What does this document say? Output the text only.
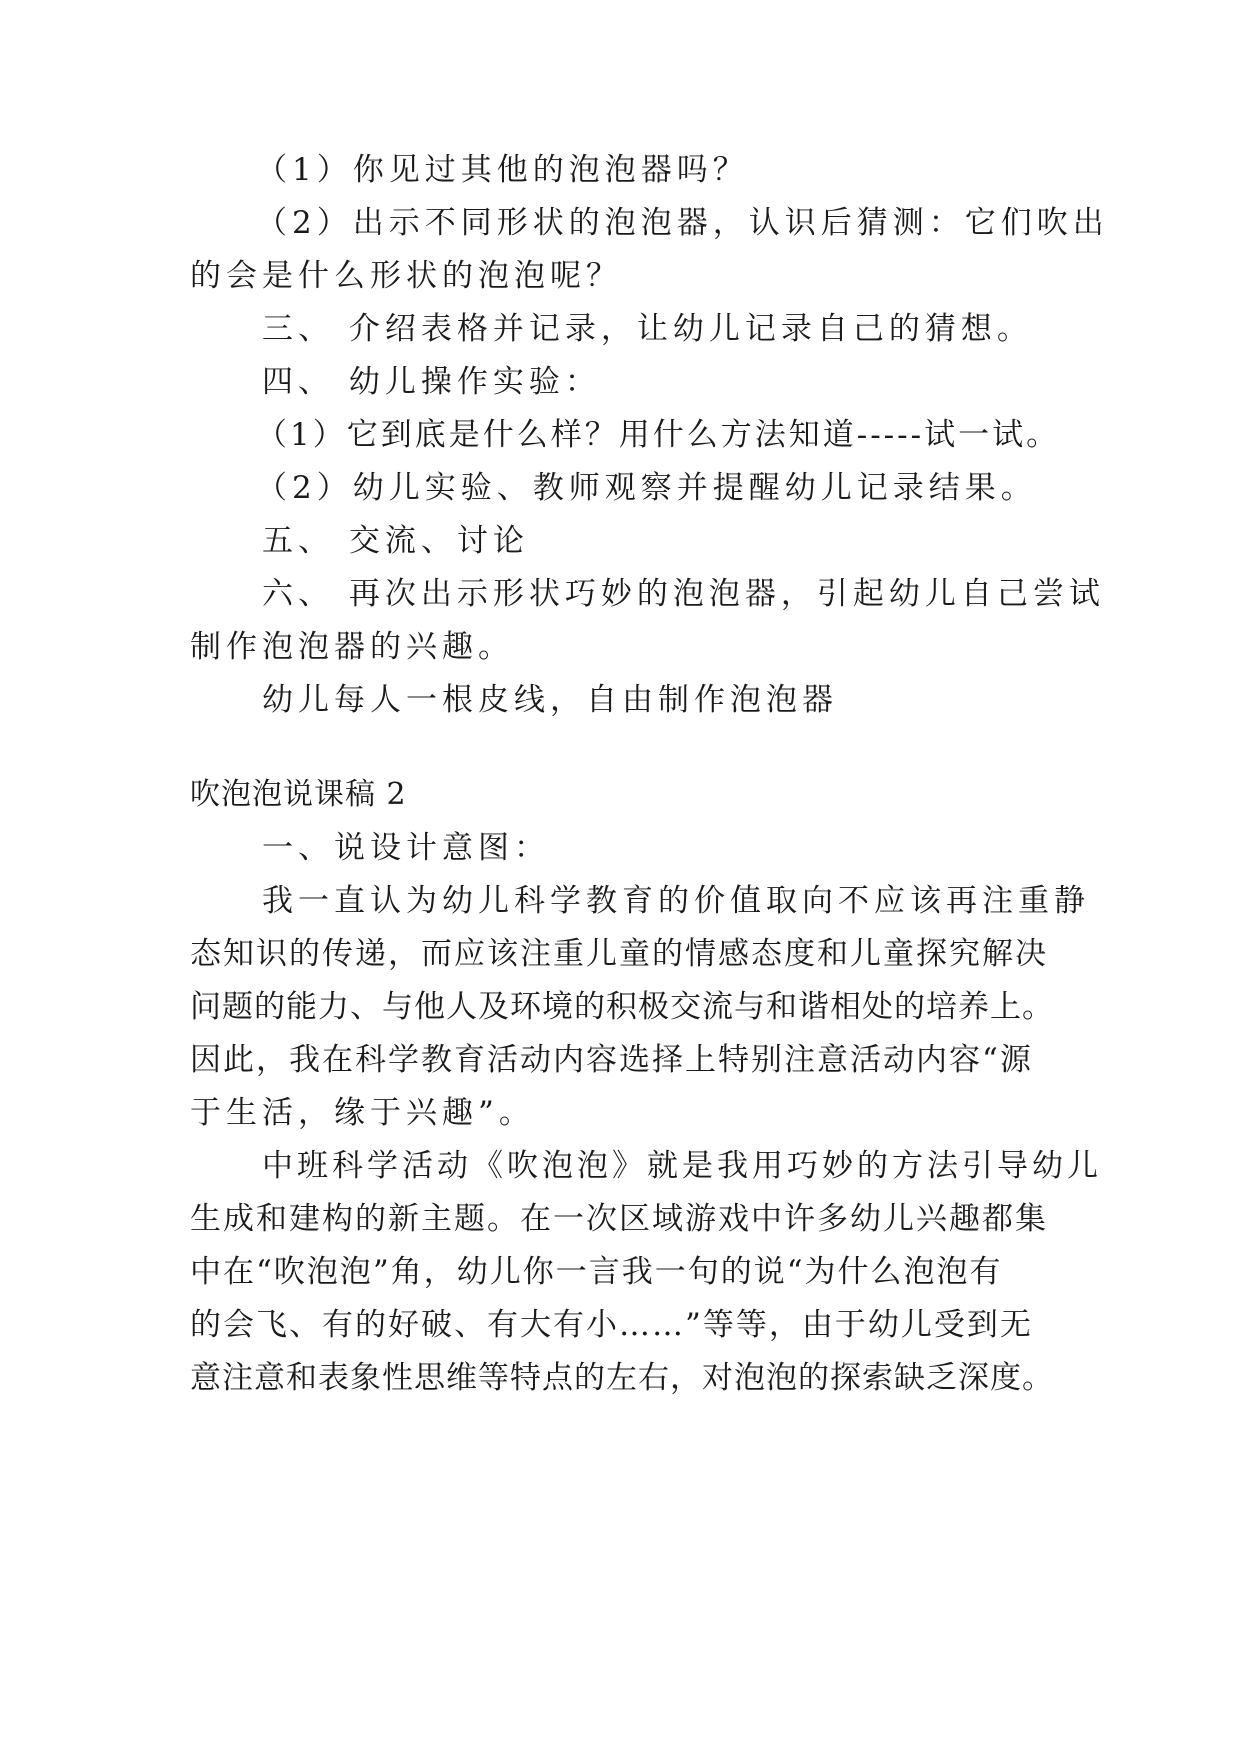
（1）你见过其他的泡泡器吗？
（2）出示不同形状的泡泡器，认识后猜测：它们吹出
的会是什么形状的泡泡呢？
三、 介绍表格并记录，让幼儿记录自己的猜想。
四、 幼儿操作实验：
（1）它到底是什么样？用什么方法知道-----试一试。
（2）幼儿实验、教师观察并提醒幼儿记录结果。
五、 交流、讨论
六、 再次出示形状巧妙的泡泡器，引起幼儿自己尝试
制作泡泡器的兴趣。
幼儿每人一根皮线，自由制作泡泡器
吹泡泡说课稿 2
一、说设计意图：
我一直认为幼儿科学教育的价值取向不应该再注重静
态知识的传递，而应该注重儿童的情感态度和儿童探究解决
问题的能力、与他人及环境的积极交流与和谐相处的培养上。
因此，我在科学教育活动内容选择上特别注意活动内容“源
于生活，缘于兴趣”。
中班科学活动《吹泡泡》就是我用巧妙的方法引导幼儿
生成和建构的新主题。在一次区域游戏中许多幼儿兴趣都集
中在“吹泡泡”角，幼儿你一言我一句的说“为什么泡泡有
的会飞、有的好破、有大有小……”等等，由于幼儿受到无
意注意和表象性思维等特点的左右，对泡泡的探索缺乏深度。
